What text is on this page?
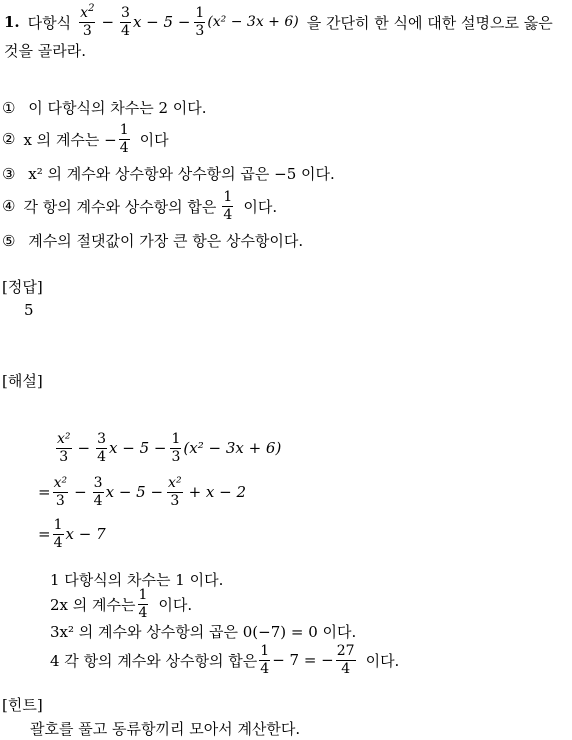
1. 다항식 $\frac{x^2}{3} - \frac{3}{4}$ $x - 5 - \frac{1}{3} (x^2 - 3x + 6)$ 을 간단히 한 식에 대한 설명으로 옳은
것을 골라라.
① 이 다항식의 차수는 2 이다.
② x 의 계수는 − $\frac{1}{4}$ 이다
③ x² 의 계수와 상수항와 상수항의 곱은 −5 이다.
④ 각 항의 계수와 상수항의 합은 $\frac{1}{4}$ 이다.
⑤ 계수의 절댓값이 가장 큰 항은 상수항이다.
[정답]
5
[해설]
$\frac{\text{x²}}{3} - \frac{3}{4}$ $x - 5 - \frac{1}{3} (x^2 - 3x + 6)$
= $\frac{\text{x²}}{3} - \frac{3}{4}$ $x - 5 - \frac{\text{x²}}{3} + x - 2$
= $\frac{1}{4}$ x − 7
1 다항식의 차수는 1 이다.
2x 의 계수는 $\frac{1}{4}$ 이다.
3x² 의 계수와 상수항의 곱은 0(−7) = 0 이다.
4 각 항의 계수와 상수항의 합은 $\frac{1}{4} - 7$ = − $\frac{27}{4}$ 이다.
[힌트]
괄호를 풀고 동류항끼리 모아서 계산한다.
